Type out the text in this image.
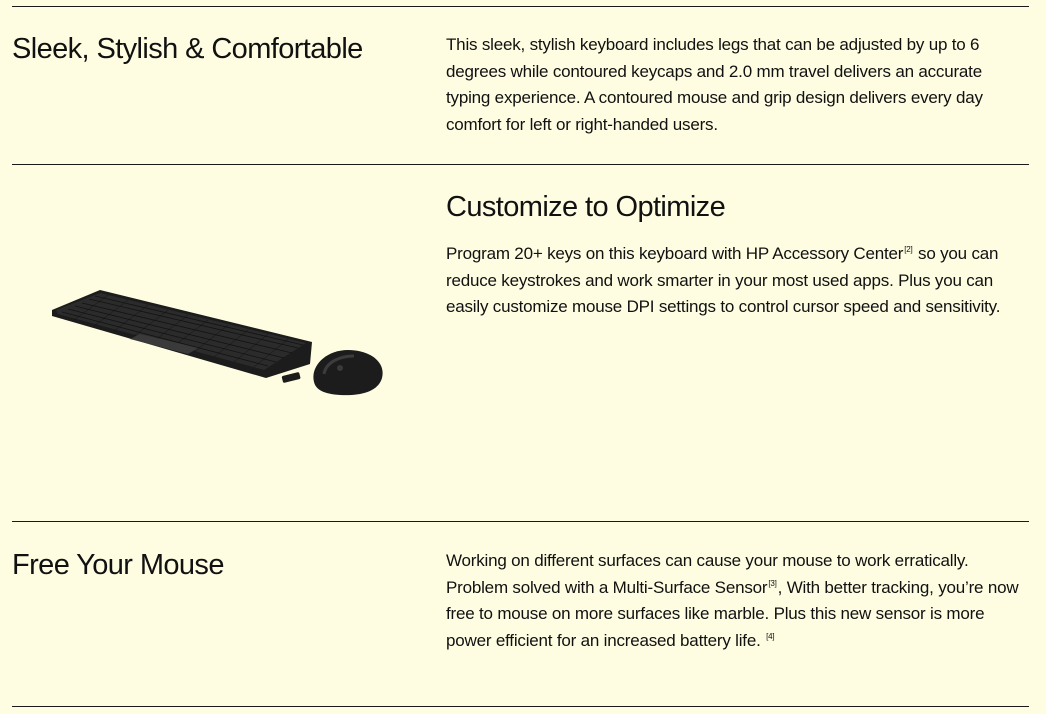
Sleek, Stylish & Comfortable	This sleek, stylish keyboard includes legs that can be adjusted by up to 6 degrees while contoured keycaps and 2.0 mm travel delivers an accurate typing experience. A contoured mouse and grip design delivers every day comfort for left or right-handed users.

Customize to Optimize

Program 20+ keys on this keyboard with HP Accessory Center[2] so you can reduce keystrokes and work smarter in your most used apps. Plus you can easily customize mouse DPI settings to control cursor speed and sensitivity.

Free Your Mouse	Working on different surfaces can cause your mouse to work erratically. Problem solved with a Multi-Surface Sensor[3], With better tracking, you’re now free to mouse on more surfaces like marble. Plus this new sensor is more power efficient for an increased battery life. [4]
